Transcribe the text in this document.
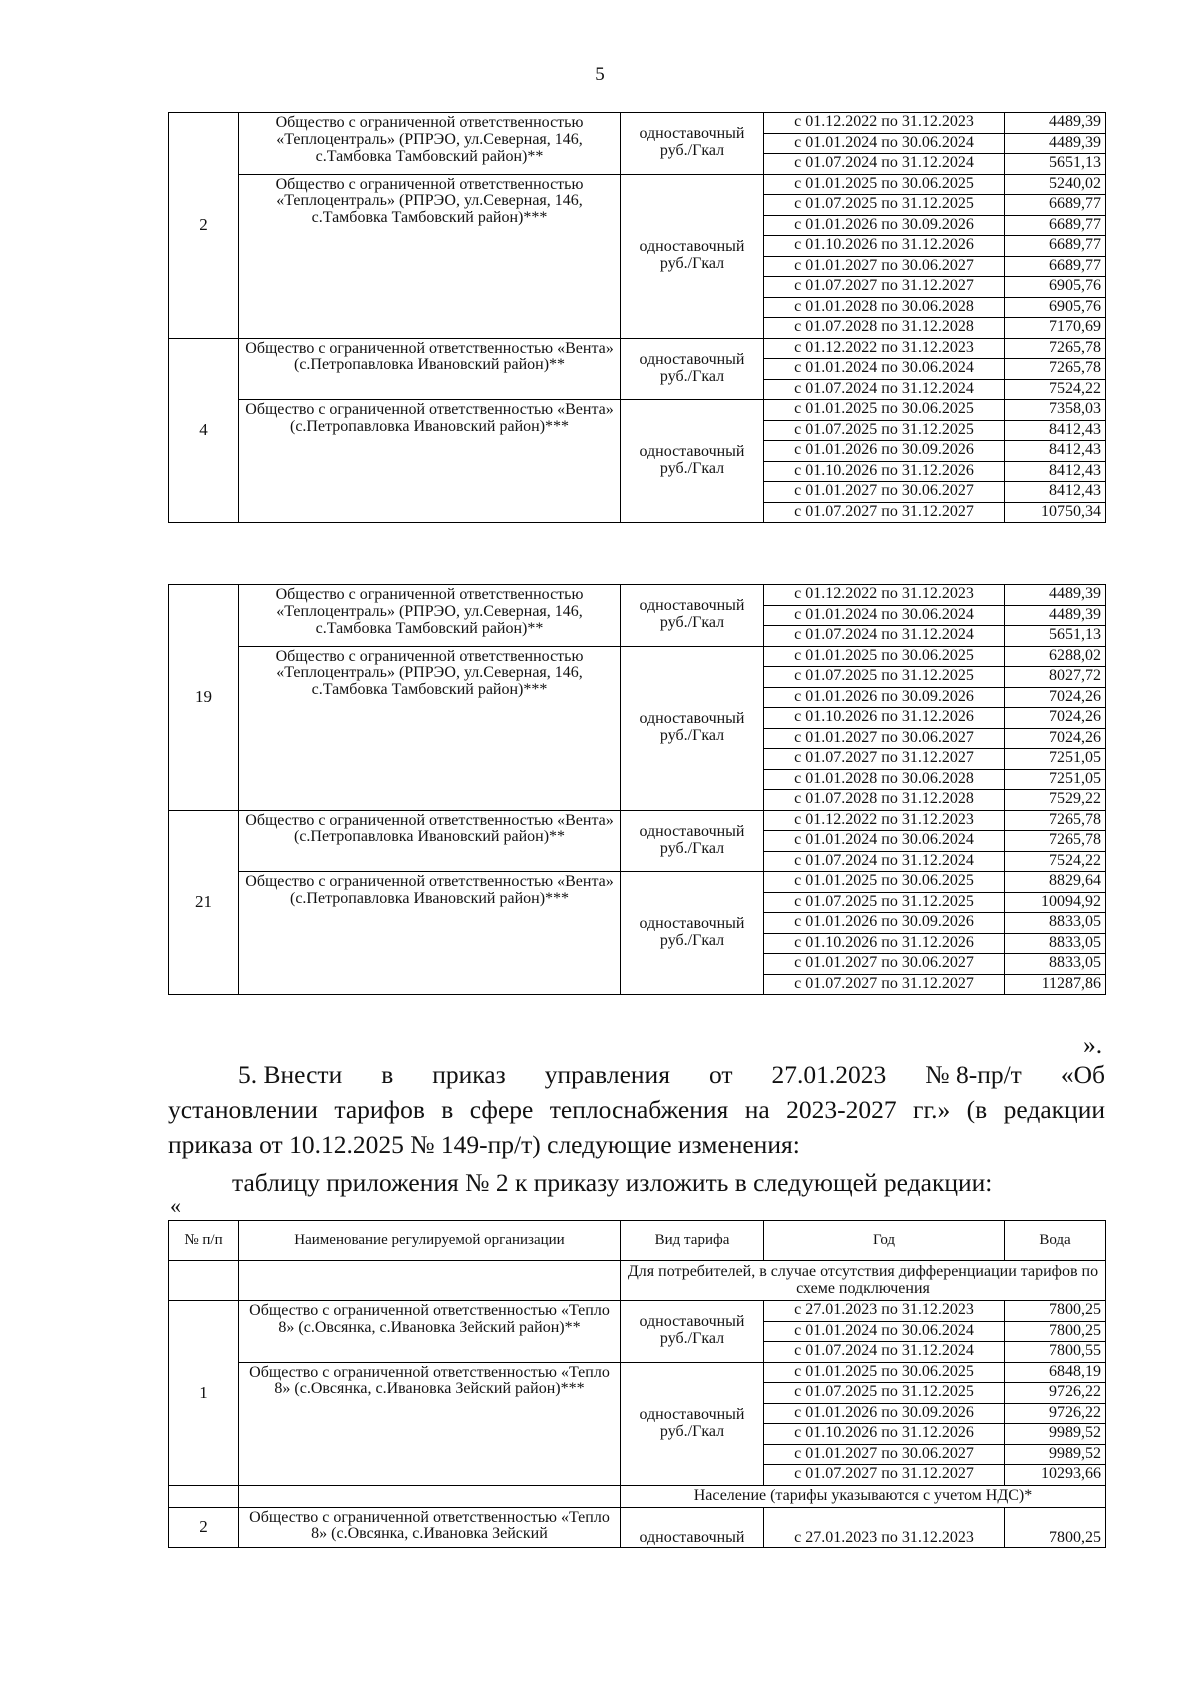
5
2	Общество с ограниченной ответственностью «Теплоцентраль» (РПРЭО, ул.Северная, 146, с.Тамбовка Тамбовский район)**	одноставочный руб./Гкал	с 01.12.2022 по 31.12.2023	4489,39
			с 01.01.2024 по 30.06.2024	4489,39
			с 01.07.2024 по 31.12.2024	5651,13
	Общество с ограниченной ответственностью «Теплоцентраль» (РПРЭО, ул.Северная, 146, с.Тамбовка Тамбовский район)***	одноставочный руб./Гкал	с 01.01.2025 по 30.06.2025	5240,02
			с 01.07.2025 по 31.12.2025	6689,77
			с 01.01.2026 по 30.09.2026	6689,77
			с 01.10.2026 по 31.12.2026	6689,77
			с 01.01.2027 по 30.06.2027	6689,77
			с 01.07.2027 по 31.12.2027	6905,76
			с 01.01.2028 по 30.06.2028	6905,76
			с 01.07.2028 по 31.12.2028	7170,69
4	Общество с ограниченной ответственностью «Вента» (с.Петропавловка Ивановский район)**	одноставочный руб./Гкал	с 01.12.2022 по 31.12.2023	7265,78
			с 01.01.2024 по 30.06.2024	7265,78
			с 01.07.2024 по 31.12.2024	7524,22
	Общество с ограниченной ответственностью «Вента» (с.Петропавловка Ивановский район)***	одноставочный руб./Гкал	с 01.01.2025 по 30.06.2025	7358,03
			с 01.07.2025 по 31.12.2025	8412,43
			с 01.01.2026 по 30.09.2026	8412,43
			с 01.10.2026 по 31.12.2026	8412,43
			с 01.01.2027 по 30.06.2027	8412,43
			с 01.07.2027 по 31.12.2027	10750,34
19	Общество с ограниченной ответственностью «Теплоцентраль» (РПРЭО, ул.Северная, 146, с.Тамбовка Тамбовский район)**	одноставочный руб./Гкал	с 01.12.2022 по 31.12.2023	4489,39
			с 01.01.2024 по 30.06.2024	4489,39
			с 01.07.2024 по 31.12.2024	5651,13
	Общество с ограниченной ответственностью «Теплоцентраль» (РПРЭО, ул.Северная, 146, с.Тамбовка Тамбовский район)***	одноставочный руб./Гкал	с 01.01.2025 по 30.06.2025	6288,02
			с 01.07.2025 по 31.12.2025	8027,72
			с 01.01.2026 по 30.09.2026	7024,26
			с 01.10.2026 по 31.12.2026	7024,26
			с 01.01.2027 по 30.06.2027	7024,26
			с 01.07.2027 по 31.12.2027	7251,05
			с 01.01.2028 по 30.06.2028	7251,05
			с 01.07.2028 по 31.12.2028	7529,22
21	Общество с ограниченной ответственностью «Вента» (с.Петропавловка Ивановский район)**	одноставочный руб./Гкал	с 01.12.2022 по 31.12.2023	7265,78
			с 01.01.2024 по 30.06.2024	7265,78
			с 01.07.2024 по 31.12.2024	7524,22
	Общество с ограниченной ответственностью «Вента» (с.Петропавловка Ивановский район)***	одноставочный руб./Гкал	с 01.01.2025 по 30.06.2025	8829,64
			с 01.07.2025 по 31.12.2025	10094,92
			с 01.01.2026 по 30.09.2026	8833,05
			с 01.10.2026 по 31.12.2026	8833,05
			с 01.01.2027 по 30.06.2027	8833,05
			с 01.07.2027 по 31.12.2027	11287,86
».
5. Внести в приказ управления от 27.01.2023 № 8-пр/т «Об
установлении тарифов в сфере теплоснабжения на 2023-2027 гг.» (в редакции
приказа от 10.12.2025 № 149-пр/т) следующие изменения:
таблицу приложения № 2 к приказу изложить в следующей редакции:
«
№ п/п	Наименование регулируемой организации	Вид тарифа	Год	Вода
		Для потребителей, в случае отсутствия дифференциации тарифов по схеме подключения		
1	Общество с ограниченной ответственностью «Тепло 8» (с.Овсянка, с.Ивановка Зейский район)**	одноставочный руб./Гкал	с 27.01.2023 по 31.12.2023	7800,25
			с 01.01.2024 по 30.06.2024	7800,25
			с 01.07.2024 по 31.12.2024	7800,55
	Общество с ограниченной ответственностью «Тепло 8» (с.Овсянка, с.Ивановка Зейский район)***	одноставочный руб./Гкал	с 01.01.2025 по 30.06.2025	6848,19
			с 01.07.2025 по 31.12.2025	9726,22
			с 01.01.2026 по 30.09.2026	9726,22
			с 01.10.2026 по 31.12.2026	9989,52
			с 01.01.2027 по 30.06.2027	9989,52
			с 01.07.2027 по 31.12.2027	10293,66
		Население (тарифы указываются с учетом НДС)*		
2	Общество с ограниченной ответственностью «Тепло 8» (с.Овсянка, с.Ивановка Зейский	одноставочный	с 27.01.2023 по 31.12.2023	7800,25
